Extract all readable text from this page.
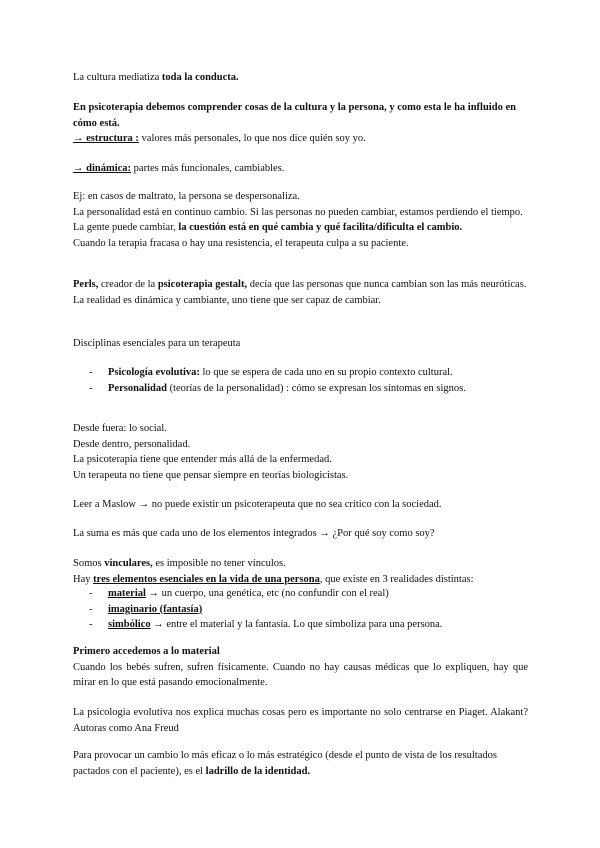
La cultura mediatiza toda la conducta.
En psicoterapia debemos comprender cosas de la cultura y la persona, y como esta le ha influido en cómo está.
→ estructura : valores más personales, lo que nos dice quién soy yo.
→ dinámica: partes más funcionales, cambiables.
Ej: en casos de maltrato, la persona se despersonaliza.
La personalidad está en continuo cambio. Si las personas no pueden cambiar, estamos perdiendo el tiempo.
La gente puede cambiar, la cuestión está en qué cambia y qué facilita/dificulta el cambio.
Cuando la terapia fracasa o hay una resistencia, el terapeuta culpa a su paciente.
Perls, creador de la psicoterapia gestalt, decía que las personas que nunca cambian son las más neuróticas.
La realidad es dinámica y cambiante, uno tiene que ser capaz de cambiar.
Disciplinas esenciales para un terapeuta
- Psicología evolutiva: lo que se espera de cada uno en su propio contexto cultural.
- Personalidad (teorías de la personalidad) : cómo se expresan los síntomas en signos.
Desde fuera: lo social.
Desde dentro, personalidad.
La psicoterapia tiene que entender más allá de la enfermedad.
Un terapeuta no tiene que pensar siempre en teorías biologicistas.
Leer a Maslow → no puede existir un psicoterapeuta que no sea crítico con la sociedad.
La suma es más que cada uno de los elementos integrados → ¿Por qué soy como soy?
Somos vinculares, es imposible no tener vínculos.
Hay tres elementos esenciales en la vida de una persona, que existe en 3 realidades distintas:
- material → un cuerpo, una genética, etc (no confundir con el real)
- imaginario (fantasía)
- simbólico → entre el material y la fantasía. Lo que simboliza para una persona.
Primero accedemos a lo material
Cuando los bebés sufren, sufren físicamente. Cuando no hay causas médicas que lo expliquen, hay que mirar en lo que está pasando emocionalmente.
La psicología evolutiva nos explica muchas cosas pero es importante no solo centrarse en Piaget. Alakant? Autoras como Ana Freud
Para provocar un cambio lo más eficaz o lo más estratégico (desde el punto de vista de los resultados pactados con el paciente), es el ladrillo de la identidad.
